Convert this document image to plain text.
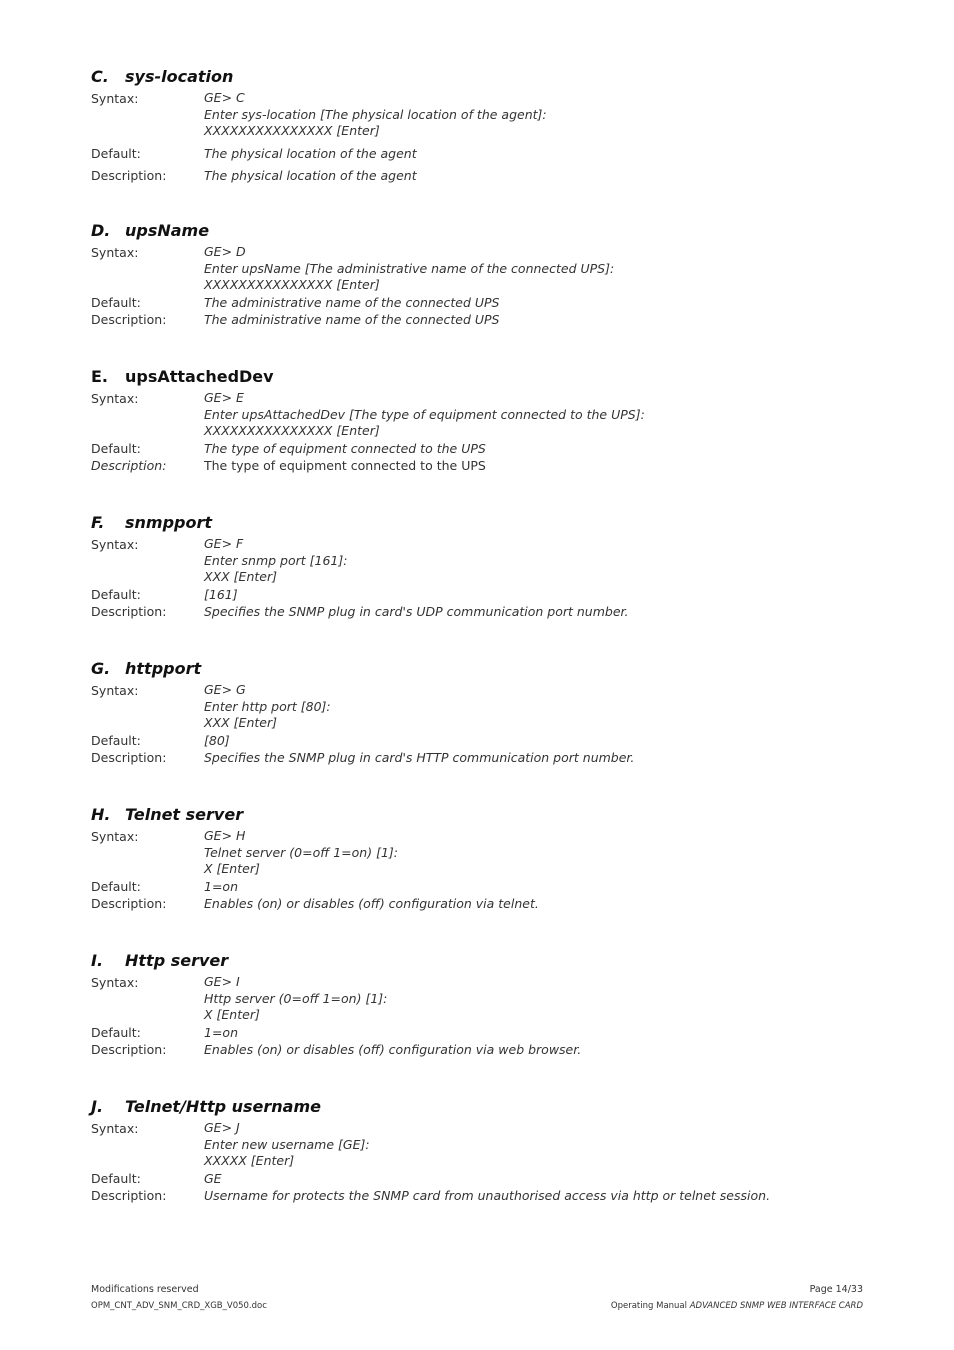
C.	sys-location
Syntax:	GE> C
Enter sys-location [The physical location of the agent]:
XXXXXXXXXXXXXXX [Enter]
Default:	The physical location of the agent
Description:	The physical location of the agent
D. upsName
Syntax:	GE> D
Enter upsName [The administrative name of the connected UPS]:
XXXXXXXXXXXXXXX [Enter]
Default:	The administrative name of the connected UPS
Description:	The administrative name of the connected UPS
E.	upsAttachedDev
Syntax:	GE> E
Enter upsAttachedDev [The type of equipment connected to the UPS]:
XXXXXXXXXXXXXXX [Enter]
Default:	The type of equipment connected to the UPS
Description:	The type of equipment connected to the UPS
F.	snmpport
Syntax:	GE> F
Enter snmp port [161]:
XXX [Enter]
Default:	[161]
Description:	Specifies the SNMP plug in card's UDP communication port number.
G. httpport
Syntax:	GE> G
Enter http port [80]:
XXX [Enter]
Default:	[80]
Description:	Specifies the SNMP plug in card's HTTP communication port number.
H. Telnet server
Syntax:	GE> H
Telnet server (0=off 1=on) [1]:
X [Enter]
Default:	1=on
Description:	Enables (on) or disables (off) configuration via telnet.
I.	Http server
Syntax:	GE> I
Http server (0=off 1=on) [1]:
X [Enter]
Default:	1=on
Description:	Enables (on) or disables (off) configuration via web browser.
J.	Telnet/Http username
Syntax:	GE> J
Enter new username [GE]:
XXXXX [Enter]
Default:	GE
Description:	Username for protects the SNMP card from unauthorised access via http or telnet session.
Modifications reserved	Page 14/33
OPM_CNT_ADV_SNM_CRD_XGB_V050.doc	Operating Manual ADVANCED SNMP WEB INTERFACE CARD
